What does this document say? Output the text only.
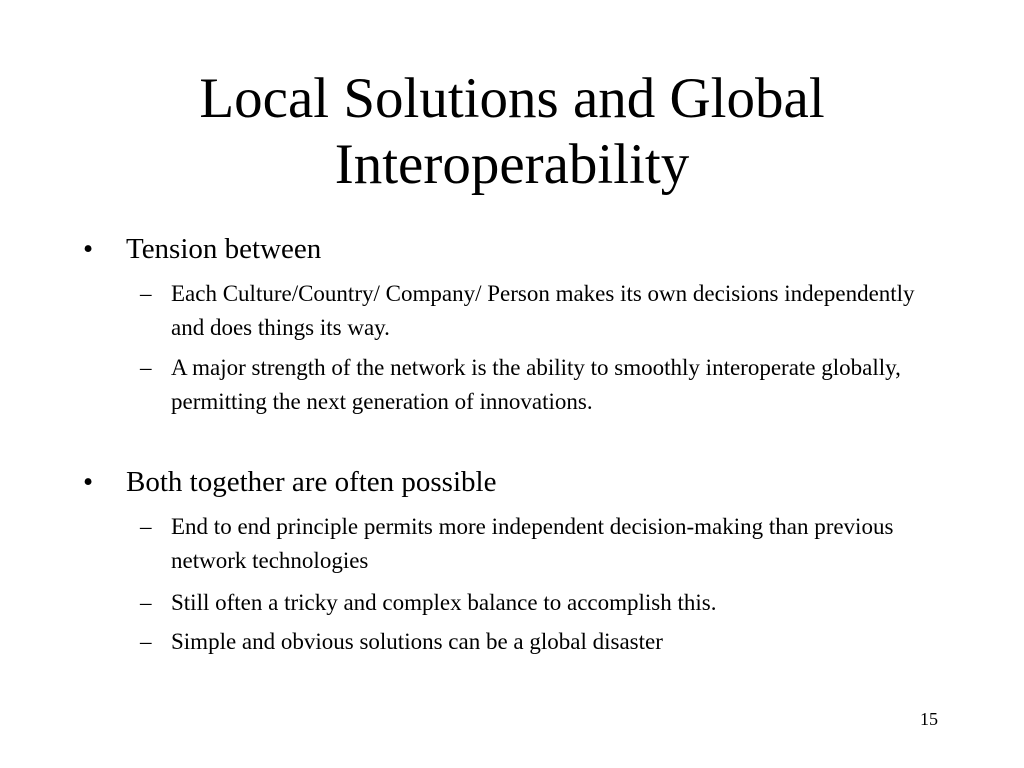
Local Solutions and Global
Interoperability
• Tension between
– Each Culture/Country/ Company/ Person makes its own decisions independently and does things its way.
– A major strength of the network is the ability to smoothly interoperate globally, permitting the next generation of innovations.
• Both together are often possible
– End to end principle permits more independent decision-making than previous network technologies
– Still often a tricky and complex balance to accomplish this.
– Simple and obvious solutions can be a global disaster
15
